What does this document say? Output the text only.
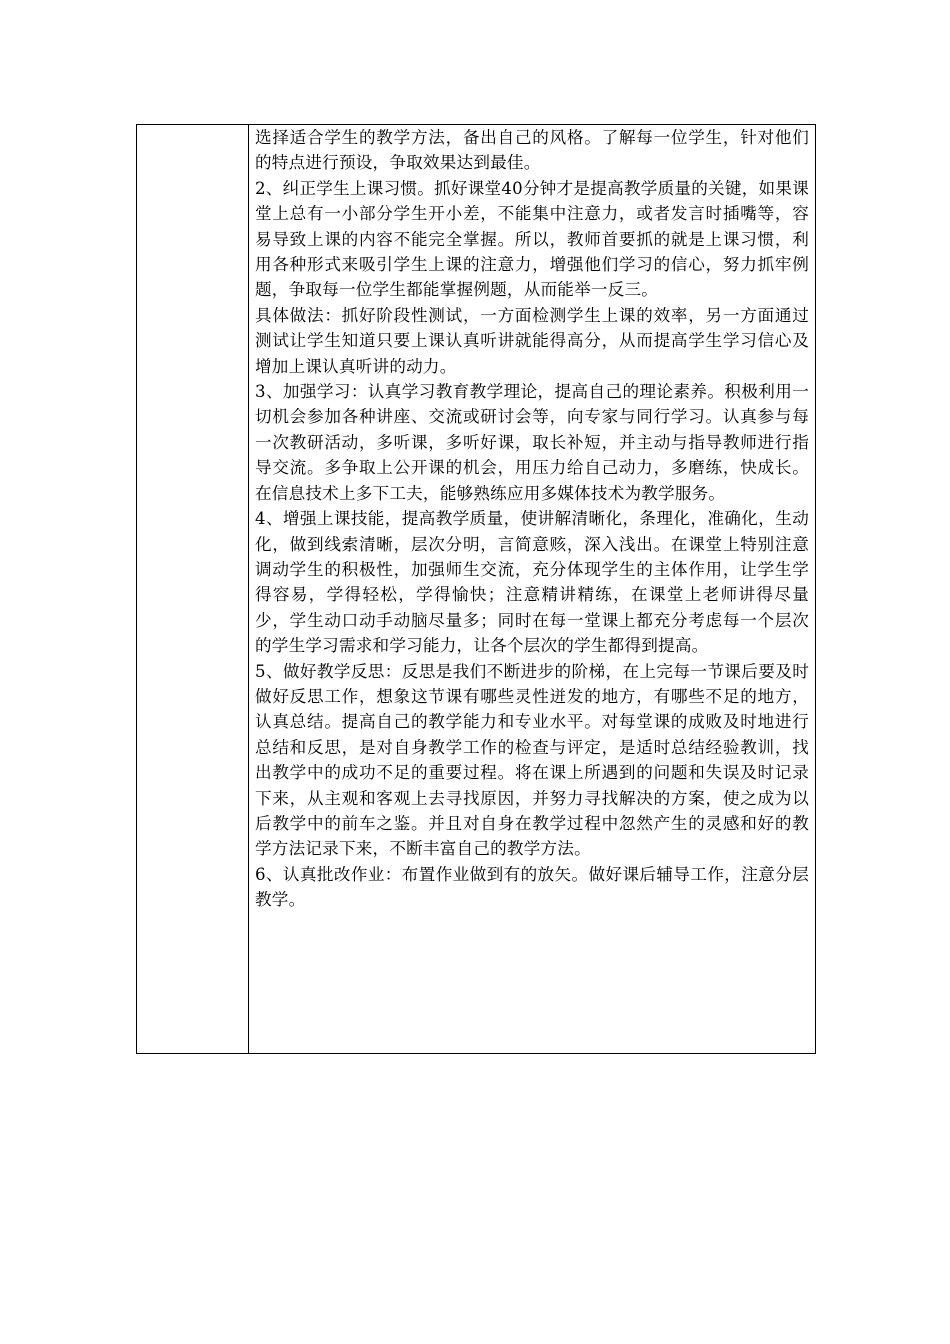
选择适合学生的教学方法，备出自己的风格。了解每一位学生，针对他们的特点进行预设，争取效果达到最佳。

2、纠正学生上课习惯。抓好课堂40分钟才是提高教学质量的关键，如果课堂上总有一小部分学生开小差，不能集中注意力，或者发言时插嘴等，容易导致上课的内容不能完全掌握。所以，教师首要抓的就是上课习惯，利用各种形式来吸引学生上课的注意力，增强他们学习的信心，努力抓牢例题，争取每一位学生都能掌握例题，从而能举一反三。

具体做法：抓好阶段性测试，一方面检测学生上课的效率，另一方面通过测试让学生知道只要上课认真听讲就能得高分，从而提高学生学习信心及增加上课认真听讲的动力。

3、加强学习：认真学习教育教学理论，提高自己的理论素养。积极利用一切机会参加各种讲座、交流或研讨会等，向专家与同行学习。认真参与每一次教研活动，多听课，多听好课，取长补短，并主动与指导教师进行指导交流。多争取上公开课的机会，用压力给自己动力，多磨练，快成长。在信息技术上多下工夫，能够熟练应用多媒体技术为教学服务。

4、增强上课技能，提高教学质量，使讲解清晰化，条理化，准确化，生动化，做到线索清晰，层次分明，言简意赅，深入浅出。在课堂上特别注意调动学生的积极性，加强师生交流，充分体现学生的主体作用，让学生学得容易，学得轻松，学得愉快；注意精讲精练，在课堂上老师讲得尽量少，学生动口动手动脑尽量多；同时在每一堂课上都充分考虑每一个层次的学生学习需求和学习能力，让各个层次的学生都得到提高。

5、做好教学反思：反思是我们不断进步的阶梯，在上完每一节课后要及时做好反思工作，想象这节课有哪些灵性迸发的地方，有哪些不足的地方，认真总结。提高自己的教学能力和专业水平。对每堂课的成败及时地进行总结和反思，是对自身教学工作的检查与评定，是适时总结经验教训，找出教学中的成功不足的重要过程。将在课上所遇到的问题和失误及时记录下来，从主观和客观上去寻找原因，并努力寻找解决的方案，使之成为以后教学中的前车之鉴。并且对自身在教学过程中忽然产生的灵感和好的教学方法记录下来，不断丰富自己的教学方法。

6、认真批改作业：布置作业做到有的放矢。做好课后辅导工作，注意分层教学。
